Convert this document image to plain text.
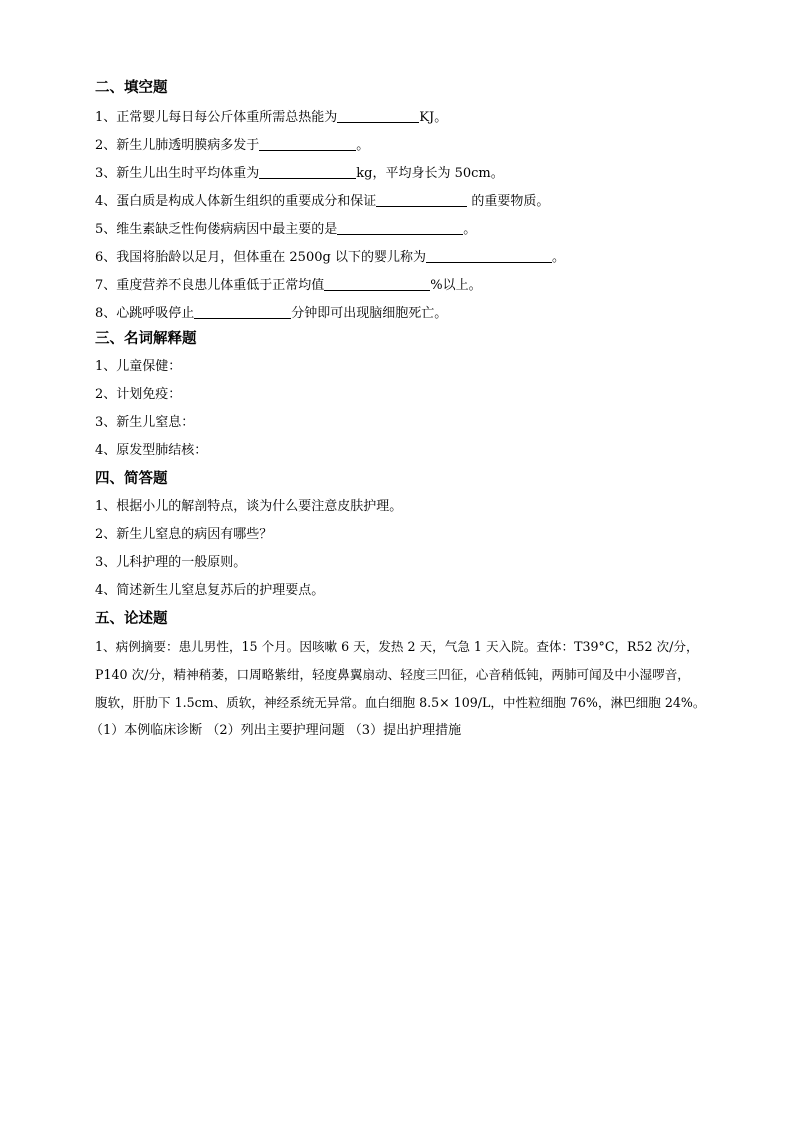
二、填空题
1、正常婴儿每日每公斤体重所需总热能为	KJ。
2、新生儿肺透明膜病多发于	。
3、新生儿出生时平均体重为	kg，平均身长为 50cm。
4、蛋白质是构成人体新生组织的重要成分和保证	的重要物质。
5、维生素缺乏性佝偻病病因中最主要的是	。
6、我国将胎龄以足月，但体重在 2500g 以下的婴儿称为	。
7、重度营养不良患儿体重低于正常均值	%以上。
8、心跳呼吸停止	分钟即可出现脑细胞死亡。
三、名词解释题
1、儿童保健：
2、计划免疫：
3、新生儿窒息：
4、原发型肺结核：
四、简答题
1、根据小儿的解剖特点，谈为什么要注意皮肤护理。
2、新生儿窒息的病因有哪些？
3、儿科护理的一般原则。
4、简述新生儿窒息复苏后的护理要点。
五、论述题
1、病例摘要：患儿男性，15 个月。因咳嗽 6 天，发热 2 天，气急 1 天入院。查体：T39°C，R52 次/分，
P140 次/分，精神稍萎，口周略紫绀，轻度鼻翼扇动、轻度三凹征，心音稍低钝，两肺可闻及中小湿啰音，
腹软，肝肋下 1.5cm、质软，神经系统无异常。血白细胞 8.5× 109/L，中性粒细胞 76%，淋巴细胞 24%。
（1）本例临床诊断 （2）列出主要护理问题 （3）提出护理措施
